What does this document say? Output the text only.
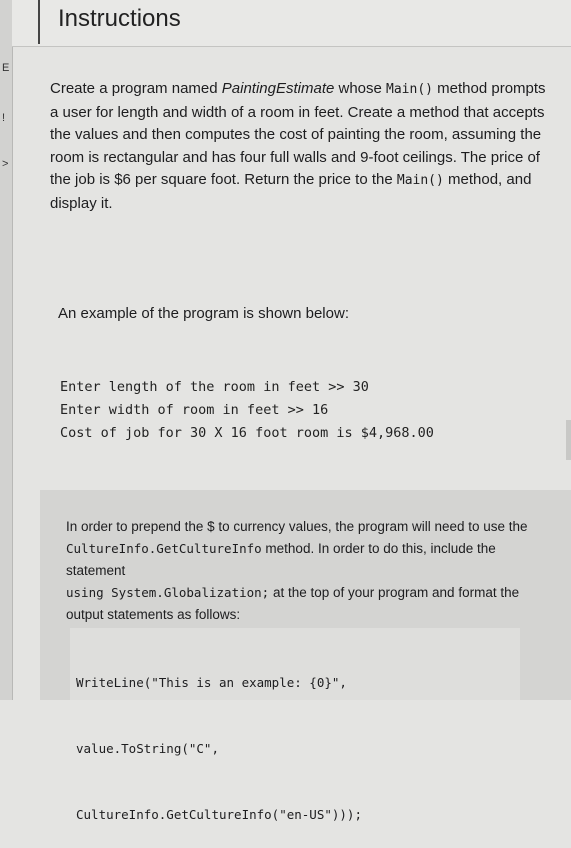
E
!
>
Instructions

Create a program named PaintingEstimate whose Main() method prompts a user for length and width of a room in feet. Create a method that accepts the values and then computes the cost of painting the room, assuming the room is rectangular and has four full walls and 9-foot ceilings. The price of the job is $6 per square foot. Return the price to the Main() method, and display it.

An example of the program is shown below:
Enter length of the room in feet >> 30
Enter width of room in feet >> 16
Cost of job for 30 X 16 foot room is $4,968.00
In order to prepend the $ to currency values, the program will need to use the CultureInfo.GetCultureInfo method. In order to do this, include the statement
using System.Globalization; at the top of your program and format the output statements as follows:

WriteLine("This is an example: {0}",

value.ToString("C",

CultureInfo.GetCultureInfo("en-US")));
